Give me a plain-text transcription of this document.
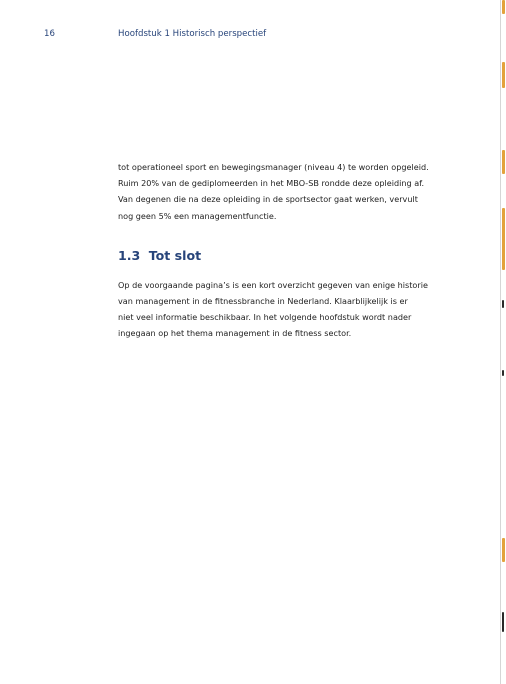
16	Hoofdstuk 1 Historisch perspectief

tot operationeel sport en bewegingsmanager (niveau 4) te worden opgeleid.
Ruim 20% van de gediplomeerden in het MBO-SB rondde deze opleiding af.
Van degenen die na deze opleiding in de sportsector gaat werken, vervult
nog geen 5% een managementfunctie.

1.3 Tot slot

Op de voorgaande pagina’s is een kort overzicht gegeven van enige historie
van management in de fitnessbranche in Nederland. Klaarblijkelijk is er
niet veel informatie beschikbaar. In het volgende hoofdstuk wordt nader
ingegaan op het thema management in de fitness sector.
